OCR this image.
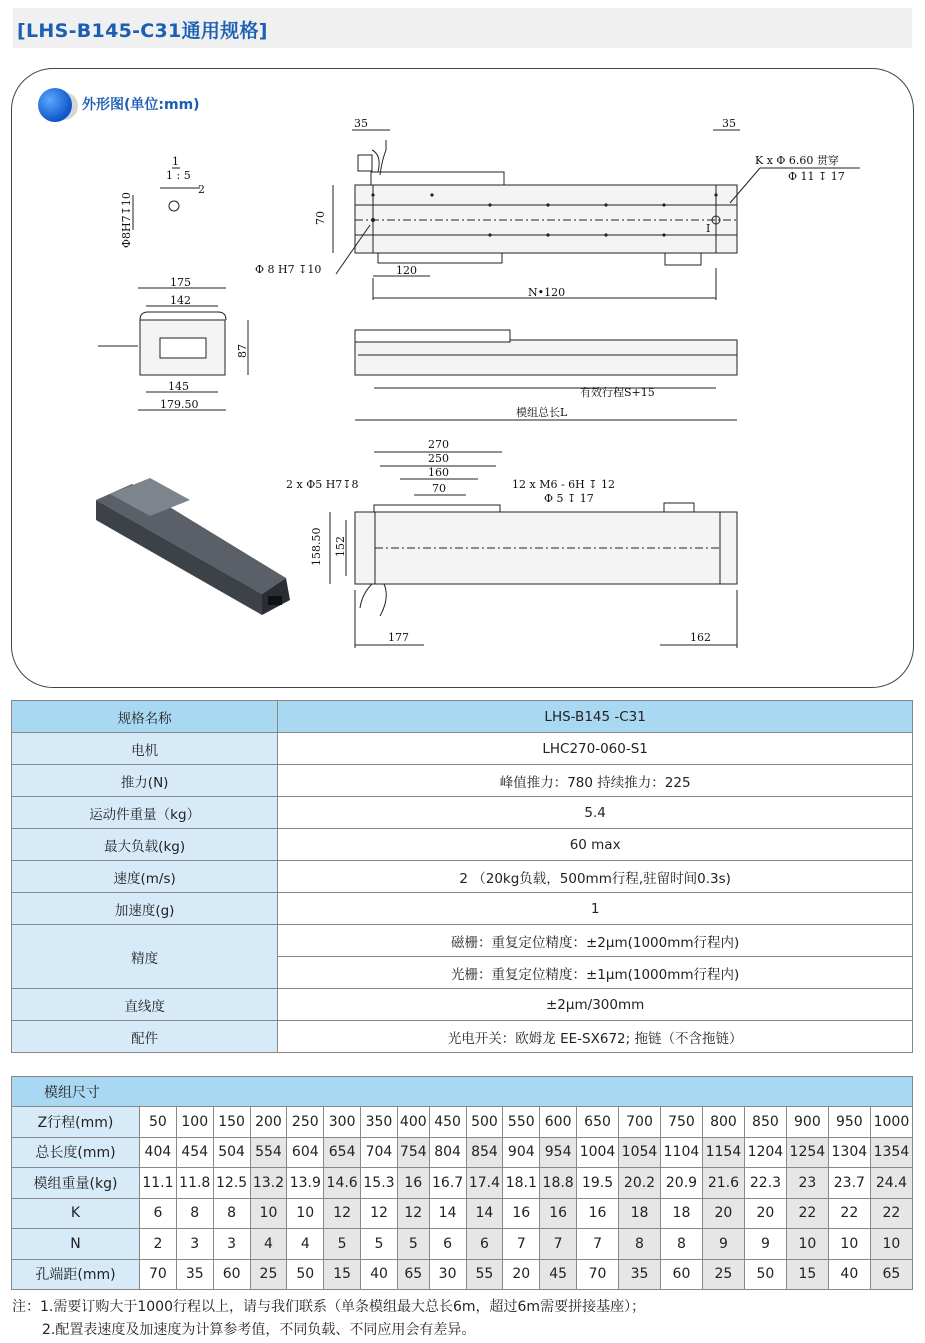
[LHS-B145-C31通用规格]
外形图(单位:mm)
35	35
K x Φ 6.60 贯穿
Φ 11 ↧ 17
70
Φ 8 H7 ↧10	120
N•120
1
1 : 5
2
Φ8H7↧10
175
142
87
145
179.50
有效行程S+15
模组总长L
270
250
160
70
2 x Φ5 H7↧8	12 x M6 - 6H ↧ 12
Φ 5 ↧ 17
158.50 152
177	162
I
规格名称	LHS-B145 -C31
电机	LHC270-060-S1
推力(N)	峰值推力：780 持续推力：225
运动件重量（kg）	5.4
最大负载(kg)	60 max
速度(m/s)	2 （20kg负载，500mm行程,驻留时间0.3s)
加速度(g)	1
精度	磁栅：重复定位精度：±2μm(1000mm行程内)
	光栅：重复定位精度：±1μm(1000mm行程内)
直线度	±2μm/300mm
配件	光电开关：欧姆龙 EE-SX672; 拖链（不含拖链）
模组尺寸																				
Z行程(mm)	50	100	150	200	250	300	350	400	450	500	550	600	650	700	750	800	850	900	950	1000
总长度(mm)	404	454	504	554	604	654	704	754	804	854	904	954	1004	1054	1104	1154	1204	1254	1304	1354
模组重量(kg)	11.1	11.8	12.5	13.2	13.9	14.6	15.3	16	16.7	17.4	18.1	18.8	19.5	20.2	20.9	21.6	22.3	23	23.7	24.4
K	6	8	8	10	10	12	12	12	14	14	16	16	16	18	18	20	20	22	22	22
N	2	3	3	4	4	5	5	5	6	6	7	7	7	8	8	9	9	10	10	10
孔端距(mm)	70	35	60	25	50	15	40	65	30	55	20	45	70	35	60	25	50	15	40	65
注：1.需要订购大于1000行程以上，请与我们联系（单条模组最大总长6m，超过6m需要拼接基座）；
2.配置表速度及加速度为计算参考值，不同负载、不同应用会有差异。
